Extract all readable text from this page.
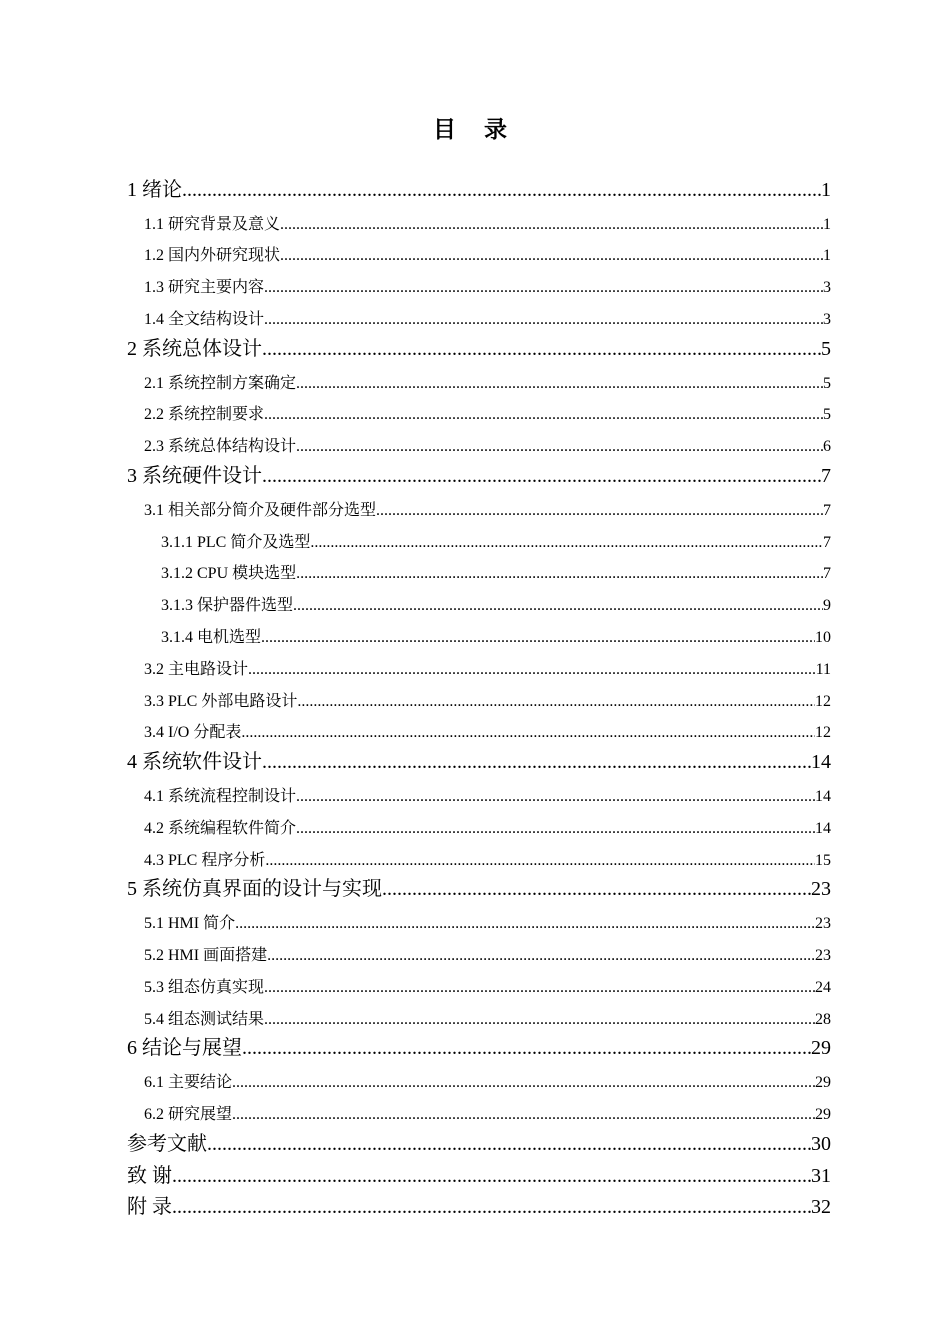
目 录
1 绪论 .....	1
1.1 研究背景及意义 .....	1
1.2 国内外研究现状 .....	1
1.3 研究主要内容 .....	3
1.4 全文结构设计 .....	3
2 系统总体设计 .....	5
2.1 系统控制方案确定 .....	5
2.2 系统控制要求 .....	5
2.3 系统总体结构设计 .....	6
3 系统硬件设计 .....	7
3.1 相关部分简介及硬件部分选型 .....	7
3.1.1 PLC 简介及选型 .....	7
3.1.2 CPU 模块选型 .....	7
3.1.3 保护器件选型 .....	9
3.1.4 电机选型 .....	10
3.2 主电路设计 .....	11
3.3 PLC 外部电路设计 .....	12
3.4 I/O 分配表 .....	12
4 系统软件设计 .....	14
4.1 系统流程控制设计 .....	14
4.2 系统编程软件简介 .....	14
4.3 PLC 程序分析 .....	15
5 系统仿真界面的设计与实现 .....	23
5.1 HMI 简介 .....	23
5.2 HMI 画面搭建 .....	23
5.3 组态仿真实现 .....	24
5.4 组态测试结果 .....	28
6 结论与展望 .....	29
6.1 主要结论 .....	29
6.2 研究展望 .....	29
参考文献 .....	30
致 谢 .....	31
附 录 .....	32
